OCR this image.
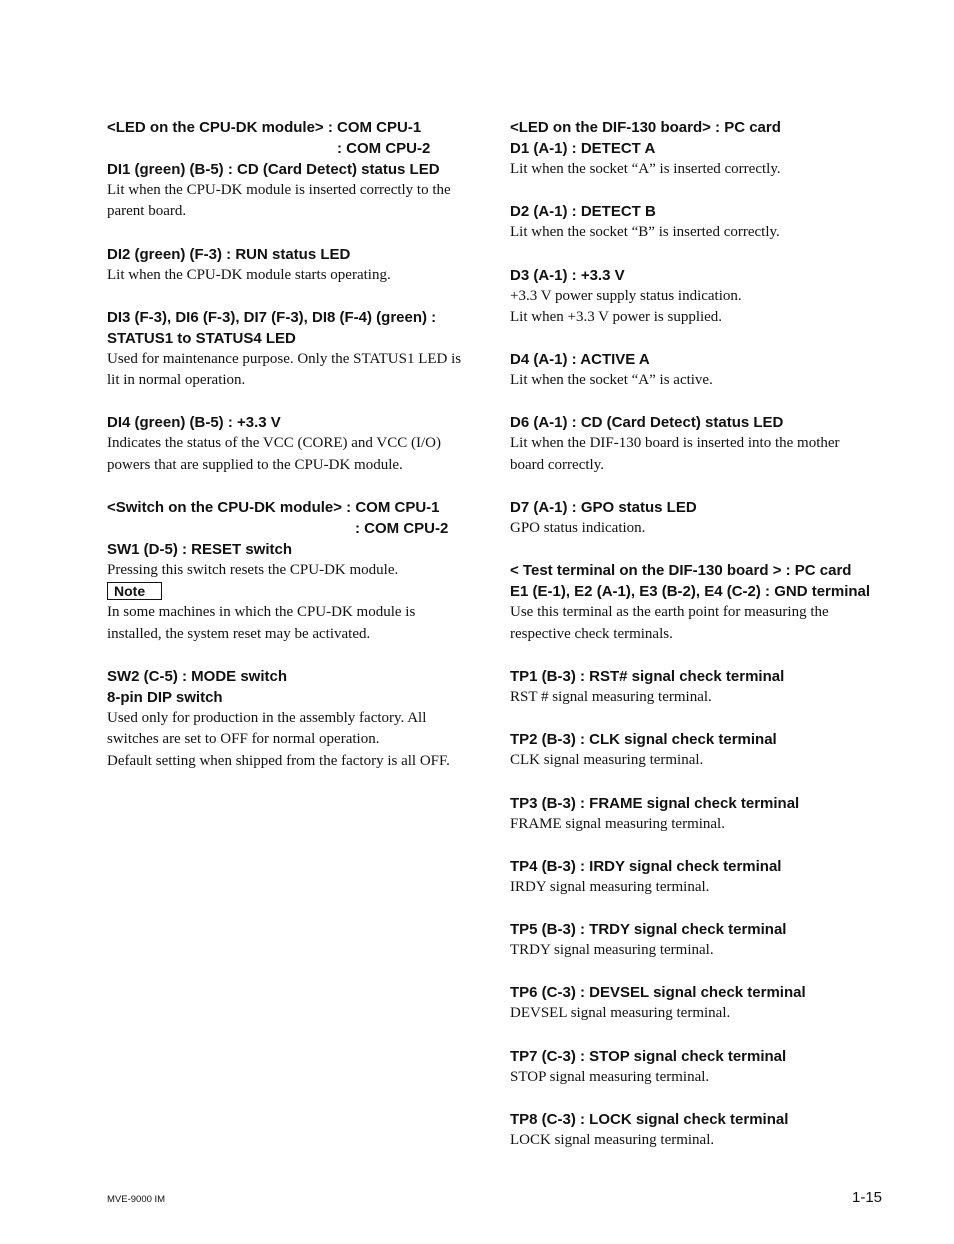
<LED on the CPU-DK module> : COM CPU-1

: COM CPU-2

DI1 (green) (B-5) : CD (Card Detect) status LED

Lit when the CPU-DK module is inserted correctly to the

parent board.

DI2 (green) (F-3) : RUN status LED

Lit when the CPU-DK module starts operating.

DI3 (F-3), DI6 (F-3), DI7 (F-3), DI8 (F-4) (green) :

STATUS1 to STATUS4 LED

Used for maintenance purpose. Only the STATUS1 LED is

lit in normal operation.

DI4 (green) (B-5) : +3.3 V

Indicates the status of the VCC (CORE) and VCC (I/O)

powers that are supplied to the CPU-DK module.

<Switch on the CPU-DK module> : COM CPU-1

: COM CPU-2

SW1 (D-5) : RESET switch

Pressing this switch resets the CPU-DK module.

Note

In some machines in which the CPU-DK module is

installed, the system reset may be activated.

SW2 (C-5) : MODE switch

8-pin DIP switch

Used only for production in the assembly factory. All

switches are set to OFF for normal operation.

Default setting when shipped from the factory is all OFF.

<LED on the DIF-130 board> : PC card

D1 (A-1) : DETECT A

Lit when the socket “A” is inserted correctly.

D2 (A-1) : DETECT B

Lit when the socket “B” is inserted correctly.

D3 (A-1) : +3.3 V

+3.3 V power supply status indication.

Lit when +3.3 V power is supplied.

D4 (A-1) : ACTIVE A

Lit when the socket “A” is active.

D6 (A-1) : CD (Card Detect) status LED

Lit when the DIF-130 board is inserted into the mother

board correctly.

D7 (A-1) : GPO status LED

GPO status indication.

< Test terminal on the DIF-130 board > : PC card

E1 (E-1), E2 (A-1), E3 (B-2), E4 (C-2) : GND terminal

Use this terminal as the earth point for measuring the

respective check terminals.

TP1 (B-3) : RST# signal check terminal

RST # signal measuring terminal.

TP2 (B-3) : CLK signal check terminal

CLK signal measuring terminal.

TP3 (B-3) : FRAME signal check terminal

FRAME signal measuring terminal.

TP4 (B-3) : IRDY signal check terminal

IRDY signal measuring terminal.

TP5 (B-3) : TRDY signal check terminal

TRDY signal measuring terminal.

TP6 (C-3) : DEVSEL signal check terminal

DEVSEL signal measuring terminal.

TP7 (C-3) : STOP signal check terminal

STOP signal measuring terminal.

TP8 (C-3) : LOCK signal check terminal

LOCK signal measuring terminal.

MVE-9000 IM	1-15
